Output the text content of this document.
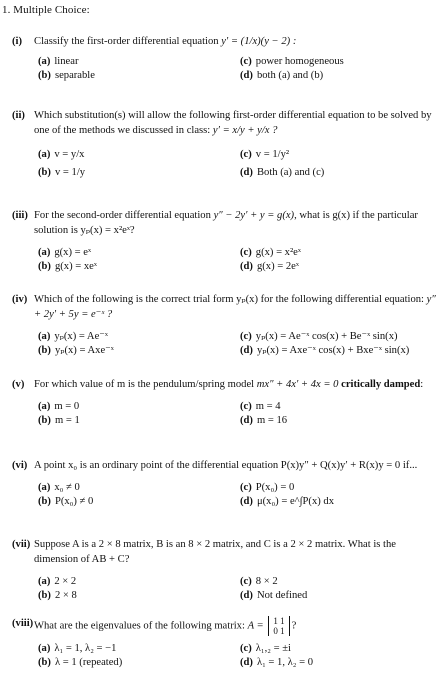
1. Multiple Choice:
(i) Classify the first-order differential equation y′ = (1/x)(y − 2) :
(a) linear
(b) separable
(c) power homogeneous
(d) both (a) and (b)
(ii) Which substitution(s) will allow the following first-order differential equation to be solved by one of the methods we discussed in class: y′ = x/y + y/x ?
(a) v = y/x
(b) v = 1/y
(c) v = 1/y²
(d) Both (a) and (c)
(iii) For the second-order differential equation y″ − 2y′ + y = g(x), what is g(x) if the particular solution is yₚ(x) = x²eˣ?
(a) g(x) = eˣ
(b) g(x) = xeˣ
(c) g(x) = x²eˣ
(d) g(x) = 2eˣ
(iv) Which of the following is the correct trial form yₚ(x) for the following differential equation: y″ + 2y′ + 5y = e⁻ˣ ?
(a) yₚ(x) = Ae⁻ˣ
(b) yₚ(x) = Axe⁻ˣ
(c) yₚ(x) = Ae⁻ˣ cos(x) + Be⁻ˣ sin(x)
(d) yₚ(x) = Axe⁻ˣ cos(x) + Bxe⁻ˣ sin(x)
(v) For which value of m is the pendulum/spring model mx″ + 4x′ + 4x = 0 critically damped:
(a) m = 0
(b) m = 1
(c) m = 4
(d) m = 16
(vi) A point x₀ is an ordinary point of the differential equation P(x)y″ + Q(x)y′ + R(x)y = 0 if...
(a) x₀ ≠ 0
(b) P(x₀) ≠ 0
(c) P(x₀) = 0
(d) μ(x₀) = e^∫P(x) dx
(vii) Suppose A is a 2 × 8 matrix, B is an 8 × 2 matrix, and C is a 2 × 2 matrix. What is the dimension of AB + C?
(a) 2 × 2
(b) 2 × 8
(c) 8 × 2
(d) Not defined
(viii) What are the eigenvalues of the following matrix: A = 1 1
0 1 ?
(a) λ₁ = 1, λ₂ = −1
(b) λ = 1 (repeated)
(c) λ₁,₂ = ±i
(d) λ₁ = 1, λ₂ = 0
